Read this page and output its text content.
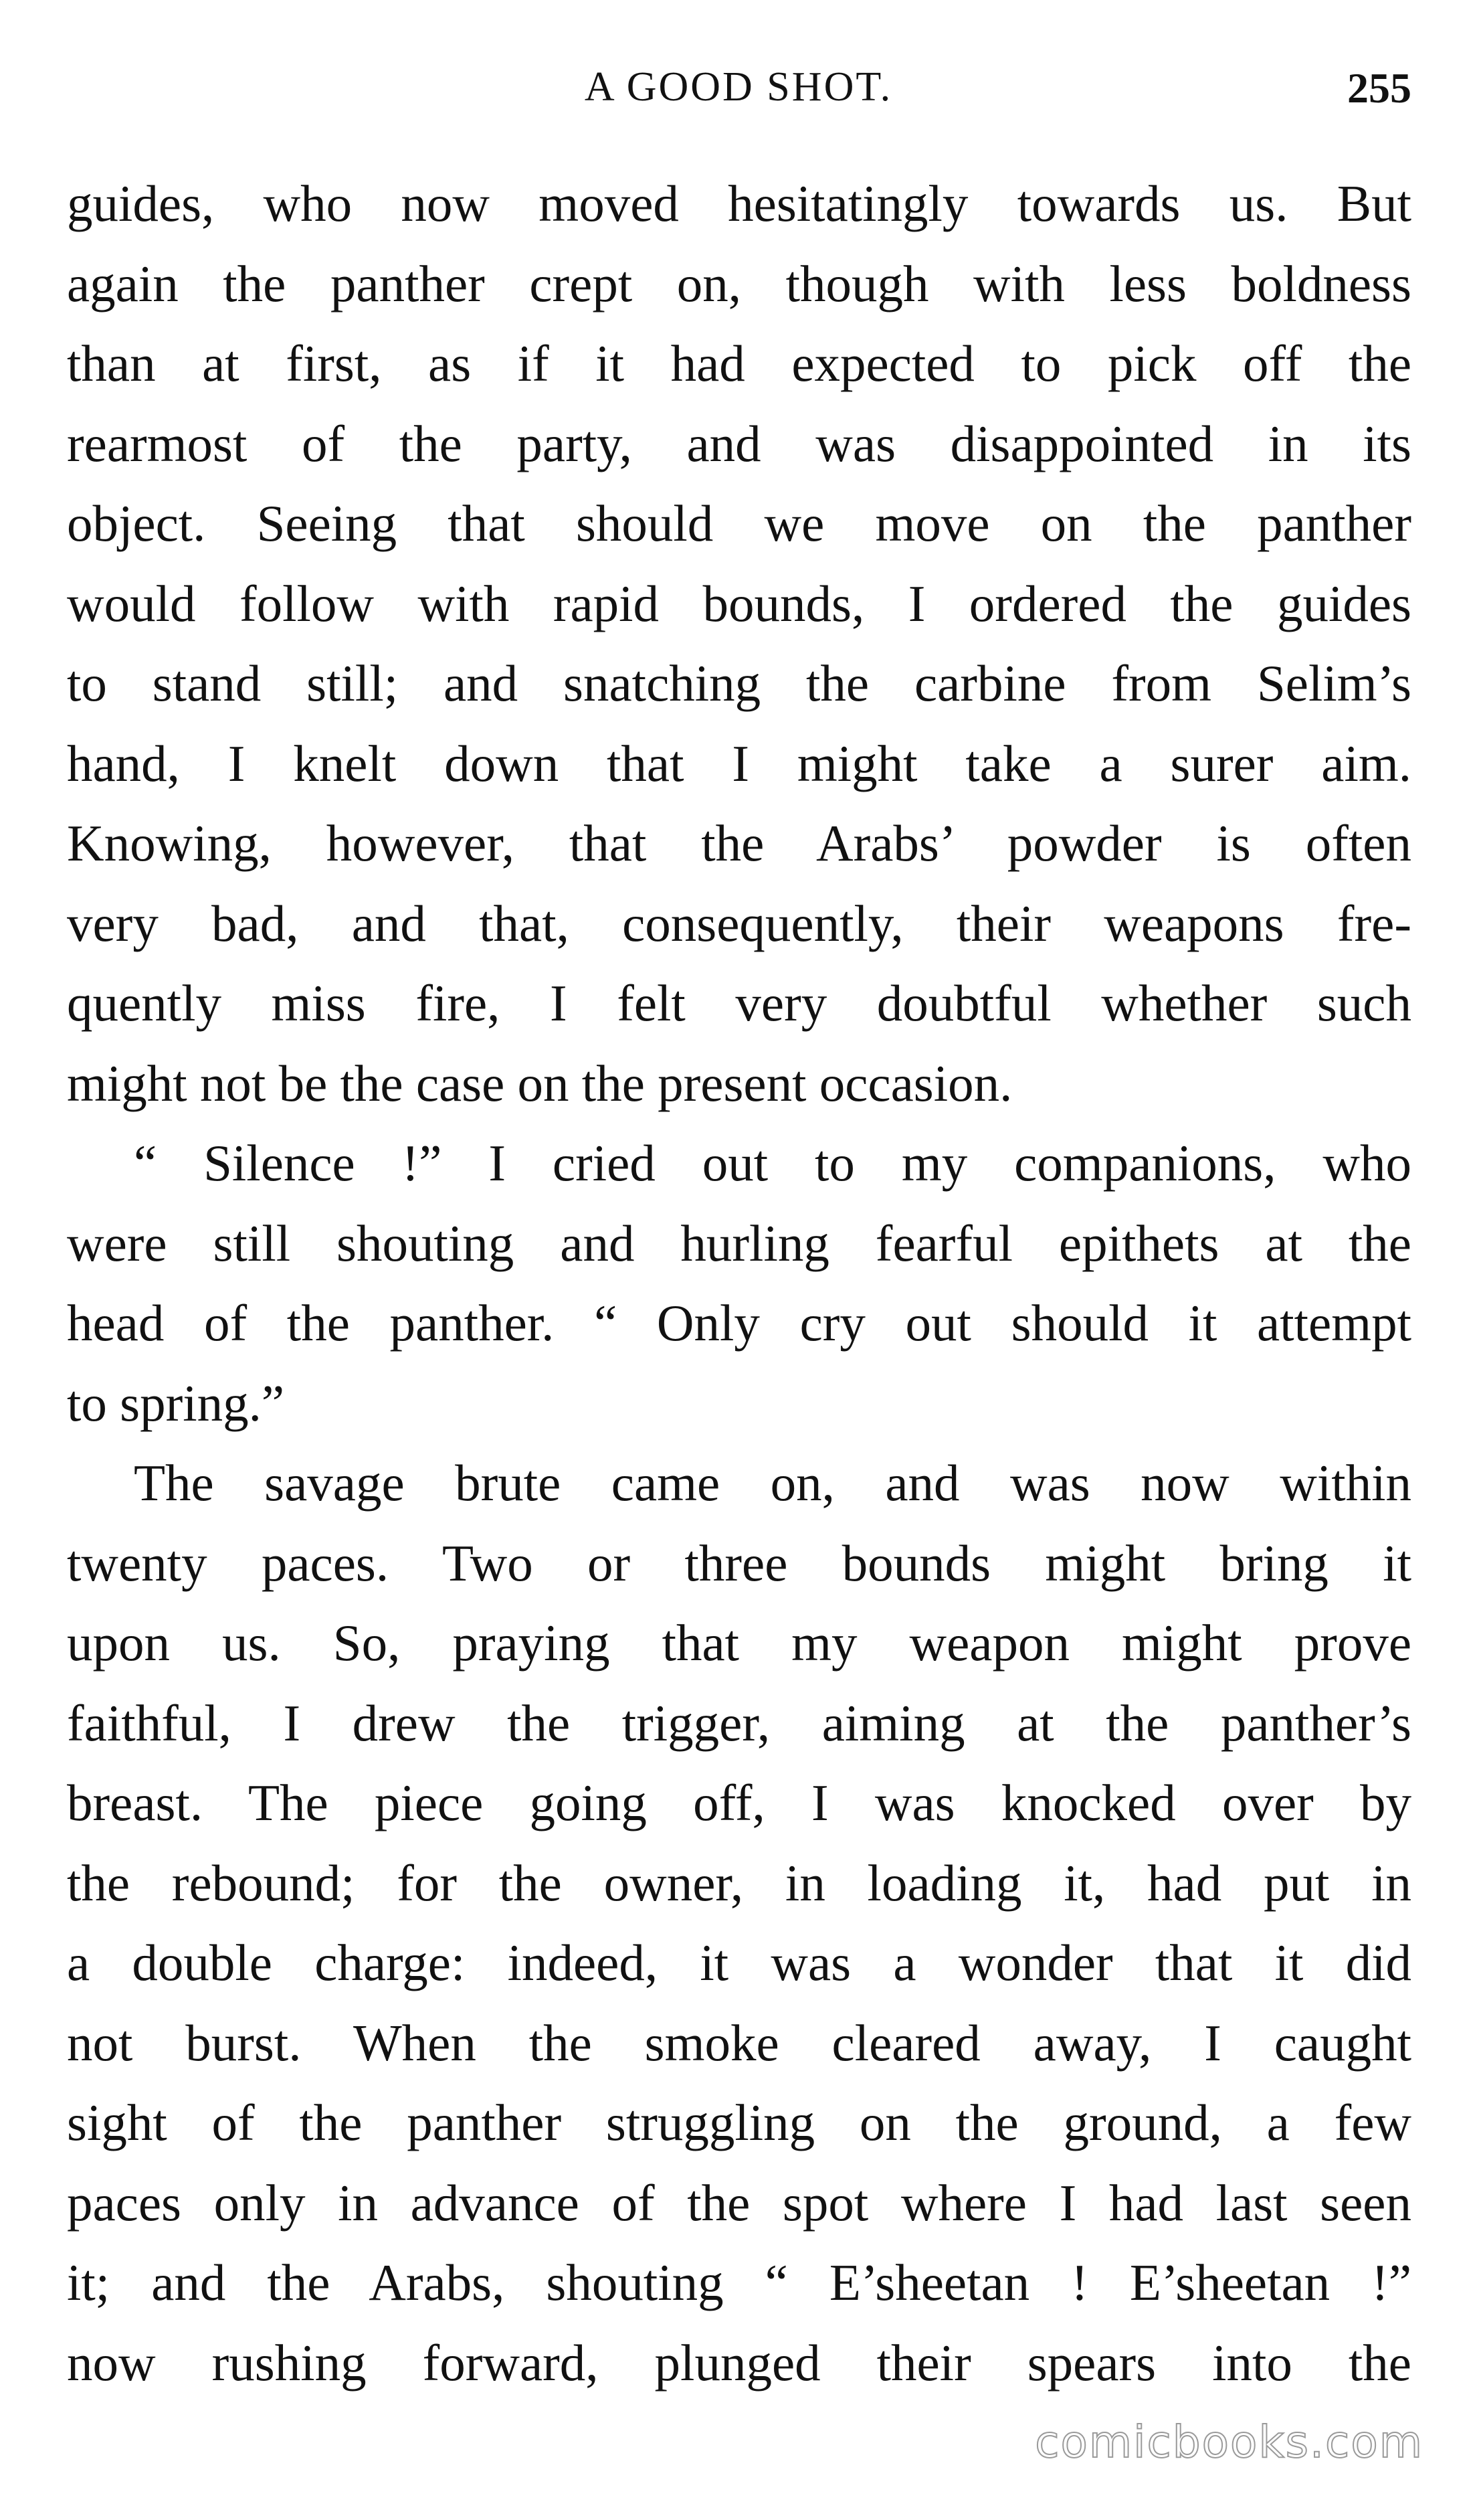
A GOOD SHOT.	255
guides, who now moved hesitatingly towards us. But
again the panther crept on, though with less boldness
than at first, as if it had expected to pick off the
rearmost of the party, and was disappointed in its
object. Seeing that should we move on the panther
would follow with rapid bounds, I ordered the guides
to stand still; and snatching the carbine from Selim’s
hand, I knelt down that I might take a surer aim.
Knowing, however, that the Arabs’ powder is often
very bad, and that, consequently, their weapons fre-
quently miss fire, I felt very doubtful whether such
might not be the case on the present occasion.
“ Silence !” I cried out to my companions, who
were still shouting and hurling fearful epithets at the
head of the panther. “ Only cry out should it attempt
to spring.”
The savage brute came on, and was now within
twenty paces. Two or three bounds might bring it
upon us. So, praying that my weapon might prove
faithful, I drew the trigger, aiming at the panther’s
breast. The piece going off, I was knocked over by
the rebound; for the owner, in loading it, had put in
a double charge: indeed, it was a wonder that it did
not burst. When the smoke cleared away, I caught
sight of the panther struggling on the ground, a few
paces only in advance of the spot where I had last seen
it; and the Arabs, shouting “ E’sheetan ! E’sheetan !”
now rushing forward, plunged their spears into the
comicbooks.com
